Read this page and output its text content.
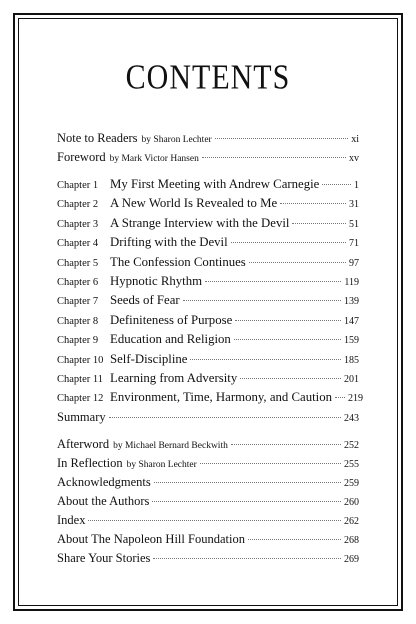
CONTENTS
Note to Readers by Sharon Lechter	xi
Foreword by Mark Victor Hansen	xv
Chapter 1 My First Meeting with Andrew Carnegie	1
Chapter 2 A New World Is Revealed to Me	31
Chapter 3 A Strange Interview with the Devil	51
Chapter 4 Drifting with the Devil	71
Chapter 5 The Confession Continues	97
Chapter 6 Hypnotic Rhythm	119
Chapter 7 Seeds of Fear	139
Chapter 8 Definiteness of Purpose	147
Chapter 9 Education and Religion	159
Chapter 10 Self-Discipline	185
Chapter 11 Learning from Adversity	201
Chapter 12 Environment, Time, Harmony, and Caution 219
Summary	243
Afterword by Michael Bernard Beckwith	252
In Reflection by Sharon Lechter	255
Acknowledgments	259
About the Authors	260
Index	262
About The Napoleon Hill Foundation	268
Share Your Stories	269
